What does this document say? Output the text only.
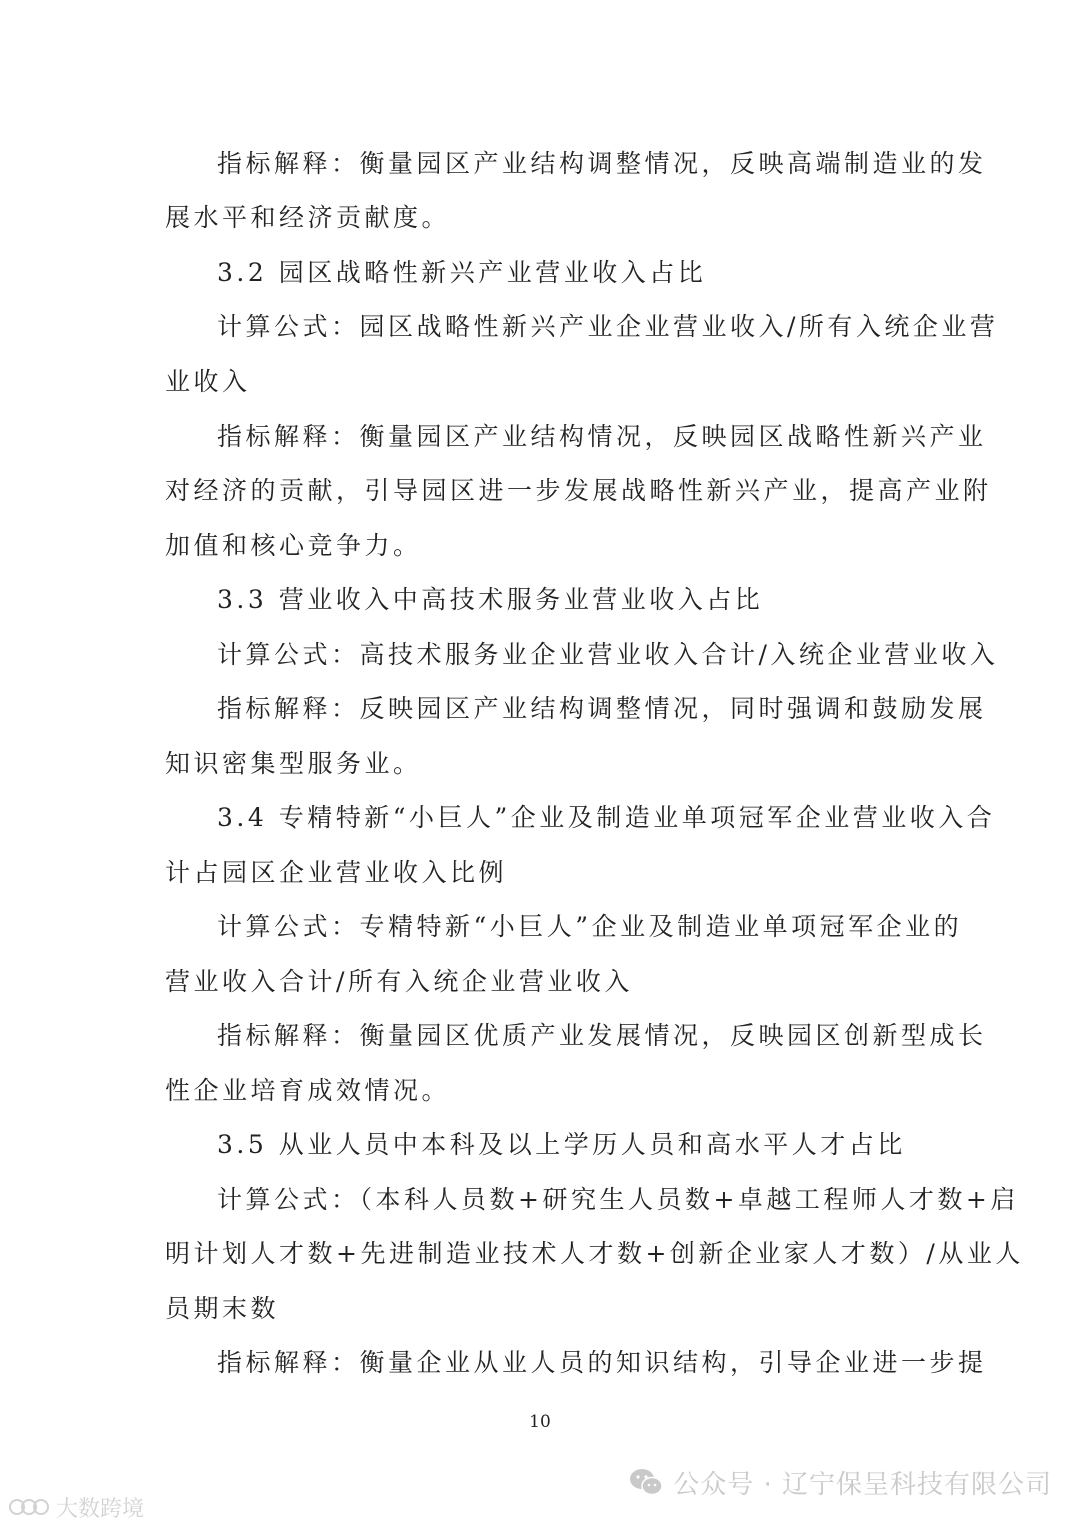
指标解释：衡量园区产业结构调整情况，反映高端制造业的发
展水平和经济贡献度。
3.2 园区战略性新兴产业营业收入占比
计算公式：园区战略性新兴产业企业营业收入/所有入统企业营
业收入
指标解释：衡量园区产业结构情况，反映园区战略性新兴产业
对经济的贡献，引导园区进一步发展战略性新兴产业，提高产业附
加值和核心竞争力。
3.3 营业收入中高技术服务业营业收入占比
计算公式：高技术服务业企业营业收入合计/入统企业营业收入
指标解释：反映园区产业结构调整情况，同时强调和鼓励发展
知识密集型服务业。
3.4 专精特新“小巨人”企业及制造业单项冠军企业营业收入合
计占园区企业营业收入比例
计算公式：专精特新“小巨人”企业及制造业单项冠军企业的
营业收入合计/所有入统企业营业收入
指标解释：衡量园区优质产业发展情况，反映园区创新型成长
性企业培育成效情况。
3.5 从业人员中本科及以上学历人员和高水平人才占比
计算公式：（本科人员数+研究生人员数+卓越工程师人才数+启
明计划人才数+先进制造业技术人才数+创新企业家人才数）/从业人
员期末数
指标解释：衡量企业从业人员的知识结构，引导企业进一步提
10
公众号 · 辽宁保呈科技有限公司
大数跨境
